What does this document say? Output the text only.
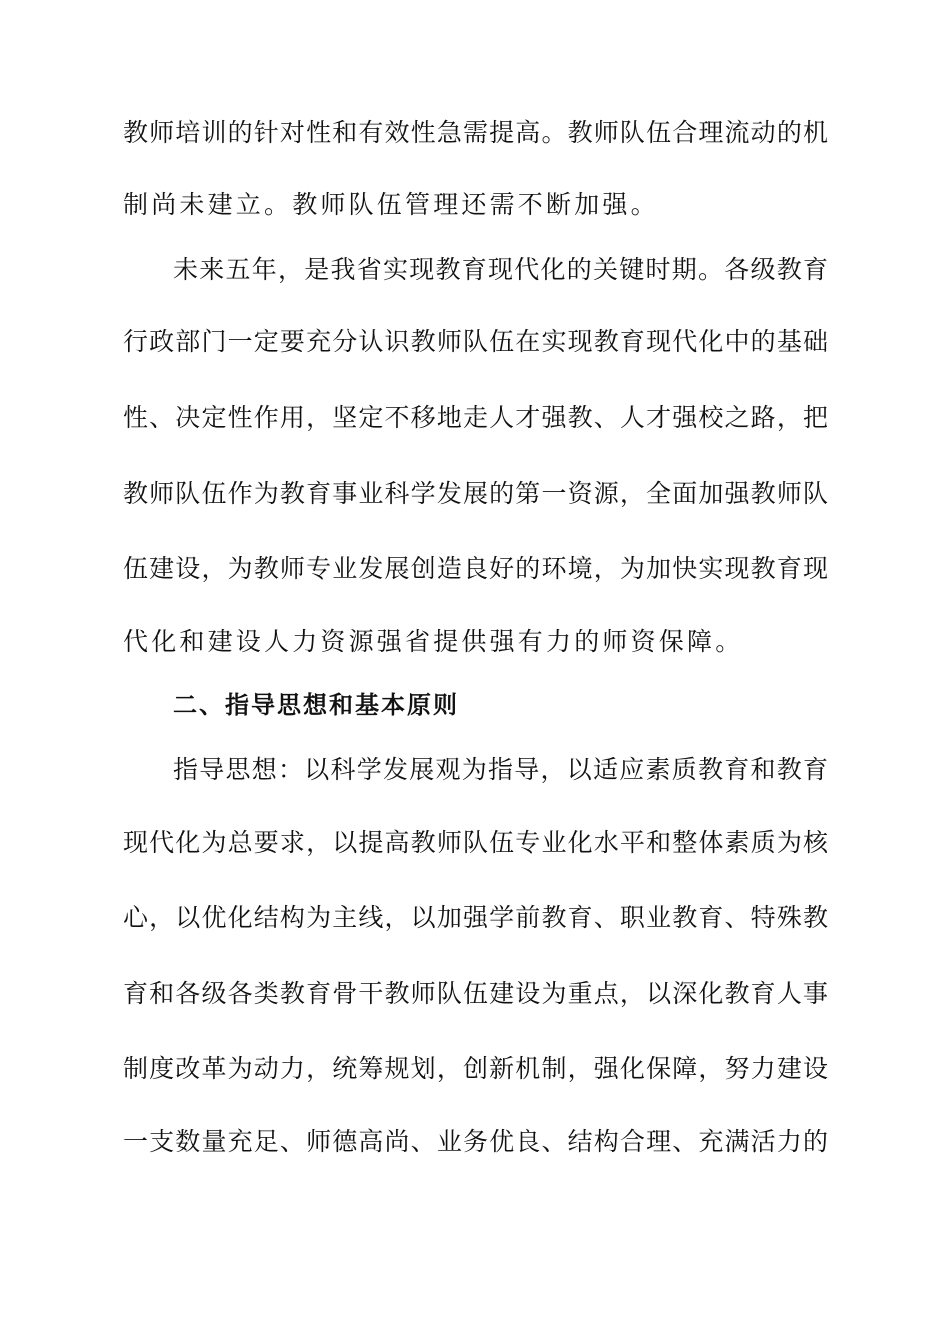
教师培训的针对性和有效性急需提高。教师队伍合理流动的机
制尚未建立。教师队伍管理还需不断加强。
未来五年，是我省实现教育现代化的关键时期。各级教育
行政部门一定要充分认识教师队伍在实现教育现代化中的基础
性、决定性作用，坚定不移地走人才强教、人才强校之路，把
教师队伍作为教育事业科学发展的第一资源，全面加强教师队
伍建设，为教师专业发展创造良好的环境，为加快实现教育现
代化和建设人力资源强省提供强有力的师资保障。
二、指导思想和基本原则
指导思想：以科学发展观为指导，以适应素质教育和教育
现代化为总要求，以提高教师队伍专业化水平和整体素质为核
心，以优化结构为主线，以加强学前教育、职业教育、特殊教
育和各级各类教育骨干教师队伍建设为重点，以深化教育人事
制度改革为动力，统筹规划，创新机制，强化保障，努力建设
一支数量充足、师德高尚、业务优良、结构合理、充满活力的
